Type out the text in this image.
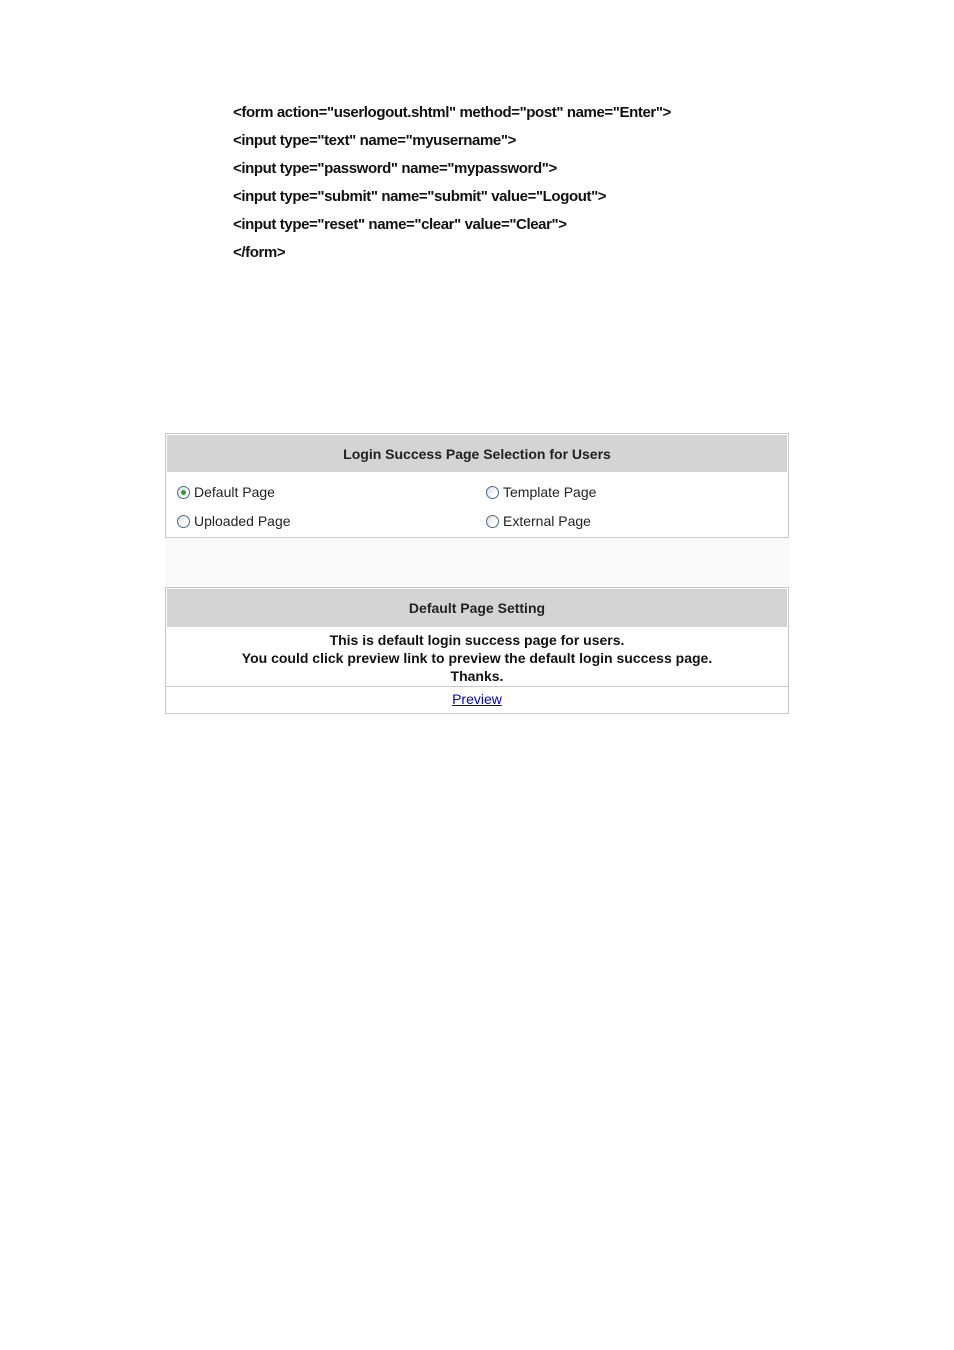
<form action="userlogout.shtml" method="post" name="Enter">
<input type="text" name="myusername">
<input type="password" name="mypassword">
<input type="submit" name="submit" value="Logout">
<input type="reset" name="clear" value="Clear">
</form>
Login Success Page Selection for Users
Default Page	Template Page
Uploaded Page	External Page
Default Page Setting
This is default login success page for users.
You could click preview link to preview the default login success page.
Thanks.
Preview
